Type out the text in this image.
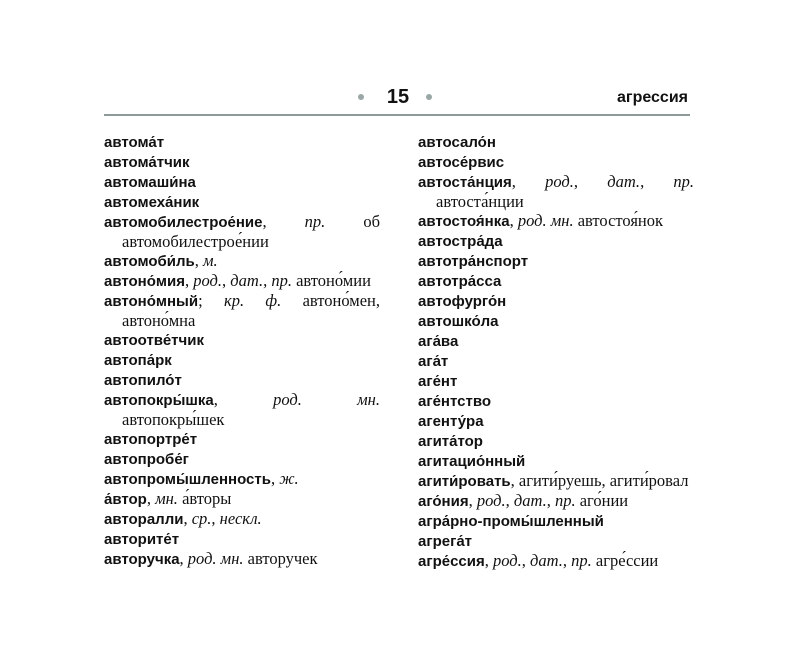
15	агрессия

автома́т

автома́тчик

автомаши́на

автомеха́ник

автомобилестрое́ние, пр. об автомобилестрое́нии

автомоби́ль, м.

автоно́мия, род., дат., пр. автоно́мии

автоно́мный; кр. ф. автоно́мен, автоно́мна

автоотве́тчик

автопа́рк

автопило́т

автопокры́шка, род. мн. автопокры́шек

автопортре́т

автопробе́г

автопромы́шленность, ж.

а́втор, мн. а́вторы

авторалли, ср., нескл.

авторите́т

авторучка, род. мн. авторучек

автосало́н

автосе́рвис

автоста́нция, род., дат., пр. автоста́нции

автостоя́нка, род. мн. автостоя́нок

автостра́да

автотра́нспорт

автотра́сса

автофурго́н

автошко́ла

ага́ва

ага́т

аге́нт

аге́нтство

агенту́ра

агита́тор

агитацио́нный

агити́ровать, агити́руешь, агити́ровал

аго́ния, род., дат., пр. аго́нии

агра́рно-промы́шленный

агрега́т

агре́ссия, род., дат., пр. агре́ссии
